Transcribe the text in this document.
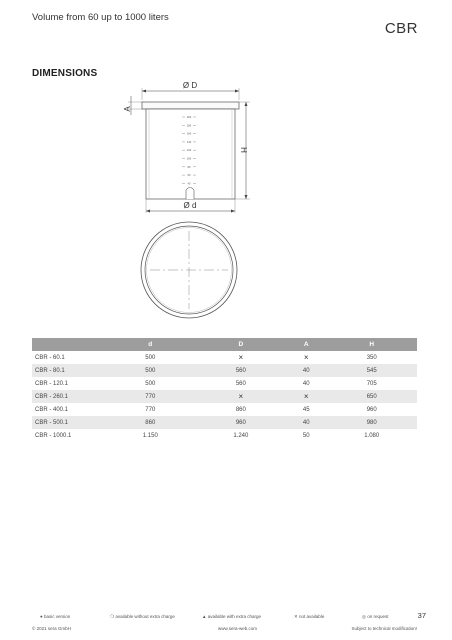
Volume from 60 up to 1000 liters
CBR
DIMENSIONS
Ø D
A
200
180
160
140
120
100
80
60
40
H
Ø d
	d	D	A	H
CBR - 60.1	500	×	×	350
CBR - 80.1	500	560	40	545
CBR - 120.1	500	560	40	705
CBR - 260.1	770	×	×	650
CBR - 400.1	770	860	45	960
CBR - 500.1	860	960	40	980
CBR - 1000.1	1.150	1.240	50	1.080
● basic version	❍ available without extra charge	▲ available with extra charge	✕ not available	◎ on request	37
© 2021 sera GmbH	www.sera-web.com	Subject to technical modification!
